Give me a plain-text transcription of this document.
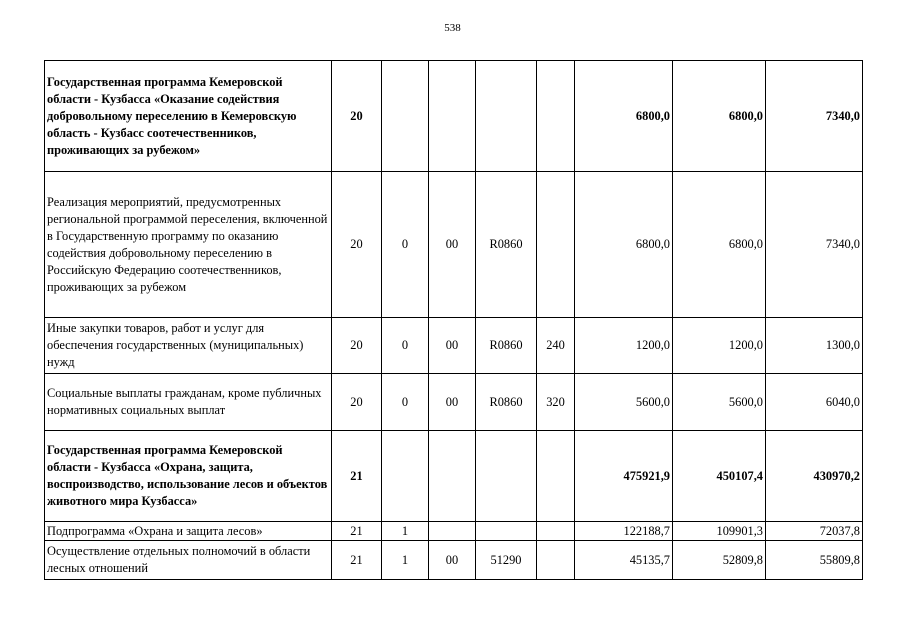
538
Государственная программа Кемеровской области - Кузбасса «Оказание содействия добровольному переселению в Кемеровскую область - Кузбасс соотечественников, проживающих за рубежом»	20					6800,0	6800,0	7340,0
Реализация мероприятий, предусмотренных региональной программой переселения, включенной в Государственную программу по оказанию содействия добровольному переселению в Российскую Федерацию соотечественников, проживающих за рубежом	20	0	00	R0860		6800,0	6800,0	7340,0
Иные закупки товаров, работ и услуг для обеспечения государственных (муниципальных) нужд	20	0	00	R0860	240	1200,0	1200,0	1300,0
Социальные выплаты гражданам, кроме публичных нормативных социальных выплат	20	0	00	R0860	320	5600,0	5600,0	6040,0
Государственная программа Кемеровской области - Кузбасса «Охрана, защита, воспроизводство, использование лесов и объектов животного мира Кузбасса»	21					475921,9	450107,4	430970,2
Подпрограмма «Охрана и защита лесов»	21	1				122188,7	109901,3	72037,8
Осуществление отдельных полномочий в области лесных отношений	21	1	00	51290		45135,7	52809,8	55809,8
